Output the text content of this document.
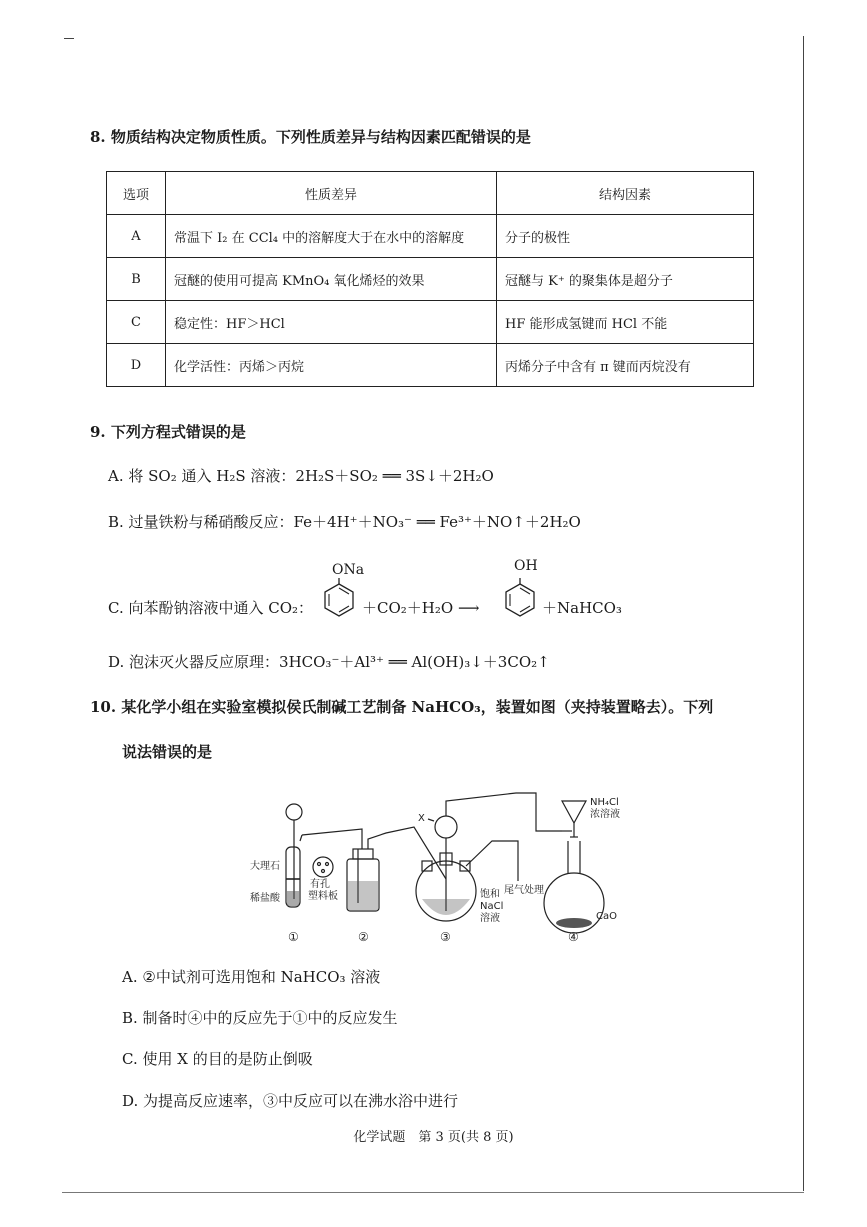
8. 物质结构决定物质性质。下列性质差异与结构因素匹配错误的是
选项	性质差异	结构因素
A	常温下 I₂ 在 CCl₄ 中的溶解度大于在水中的溶解度	分子的极性
B	冠醚的使用可提高 KMnO₄ 氧化烯烃的效果	冠醚与 K⁺ 的聚集体是超分子
C	稳定性：HF＞HCl	HF 能形成氢键而 HCl 不能
D	化学活性：丙烯＞丙烷	丙烯分子中含有 π 键而丙烷没有
9. 下列方程式错误的是
A. 将 SO₂ 通入 H₂S 溶液：2H₂S＋SO₂ ══ 3S↓＋2H₂O
B. 过量铁粉与稀硝酸反应：Fe＋4H⁺＋NO₃⁻ ══ Fe³⁺＋NO↑＋2H₂O
C. 向苯酚钠溶液中通入 CO₂：
ONa
＋CO₂＋H₂O ⟶
OH
＋NaHCO₃
D. 泡沫灭火器反应原理：3HCO₃⁻＋Al³⁺ ══ Al(OH)₃↓＋3CO₂↑
10. 某化学小组在实验室模拟侯氏制碱工艺制备 NaHCO₃，装置如图（夹持装置略去）。下列
说法错误的是
大理石
稀盐酸
有孔
塑料板
X
饱和
NaCl
溶液
尾气处理
NH₄Cl
浓溶液
CaO
①	②	③	④
A. ②中试剂可选用饱和 NaHCO₃ 溶液
B. 制备时④中的反应先于①中的反应发生
C. 使用 X 的目的是防止倒吸
D. 为提高反应速率，③中反应可以在沸水浴中进行
化学试题　第 3 页(共 8 页)
